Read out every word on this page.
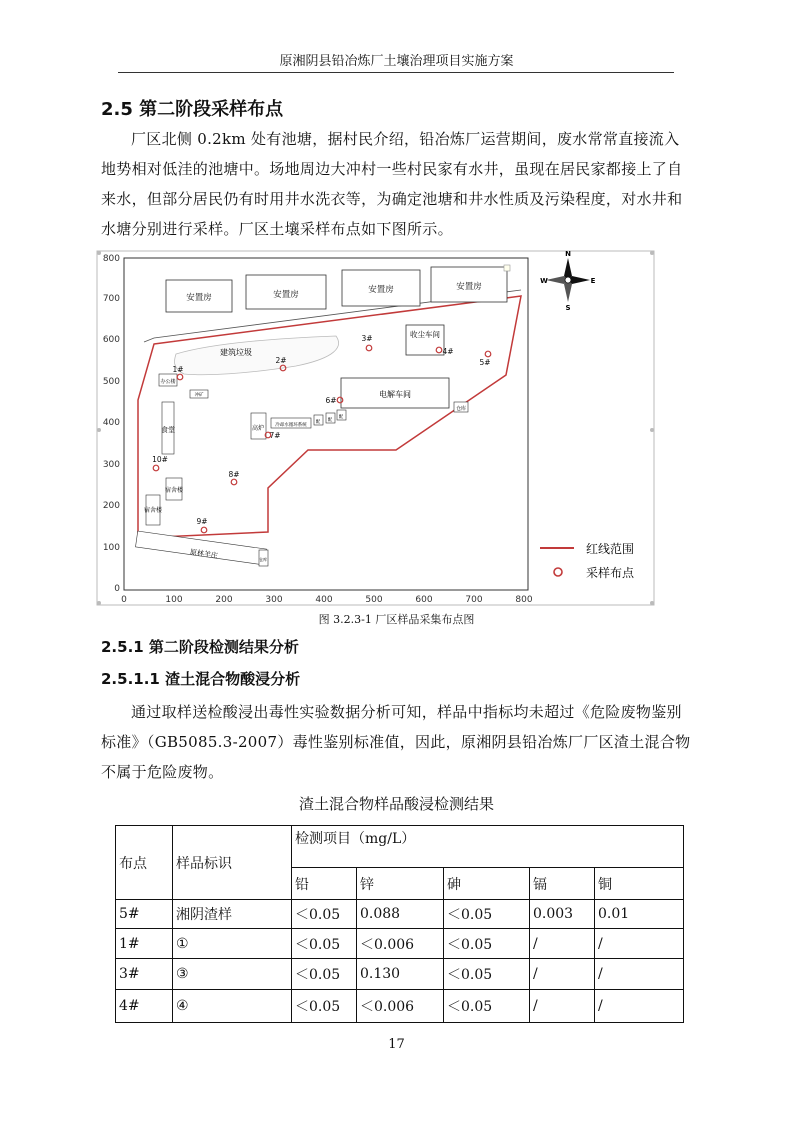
原湘阴县铅冶炼厂土壤治理项目实施方案
2.5 第二阶段采样布点
厂区北侧 0.2km 处有池塘，据村民介绍，铅冶炼厂运营期间，废水常常直接流入地势相对低洼的池塘中。场地周边大冲村一些村民家有水井，虽现在居民家都接上了自来水，但部分居民仍有时用井水洗衣等，为确定池塘和井水性质及污染程度，对水井和水塘分别进行采样。厂区土壤采样布点如下图所示。
800
700
600
500
400
300
200
100
0
0	100	200	300	400	500	600	700	800
安置房	安置房	安置房	安置房
建筑垃圾
收尘车间
电解车间
仓库
高炉 冷却水循环系统
配 配
配
办公楼
冲矿
食堂
宿舍楼
宿舍楼
原林羊庄	仓库
1#
2#
3#
4#
5#
6#
7#
8#
9#
10#
N
S
W	E
红线范围
采样布点
图 3.2.3-1 厂区样品采集布点图
2.5.1 第二阶段检测结果分析
2.5.1.1 渣土混合物酸浸分析
通过取样送检酸浸出毒性实验数据分析可知，样品中指标均未超过《危险废物鉴别标准》（GB5085.3-2007）毒性鉴别标准值，因此，原湘阴县铅冶炼厂厂区渣土混合物不属于危险废物。
渣土混合物样品酸浸检测结果
布点	样品标识	检测项目（mg/L）				
		铅	锌	砷	镉	铜
5#	湘阴渣样	＜0.05	0.088	＜0.05	0.003	0.01
1#	①	＜0.05	＜0.006	＜0.05	/	/
3#	③	＜0.05	0.130	＜0.05	/	/
4#	④	＜0.05	＜0.006	＜0.05	/	/
17
